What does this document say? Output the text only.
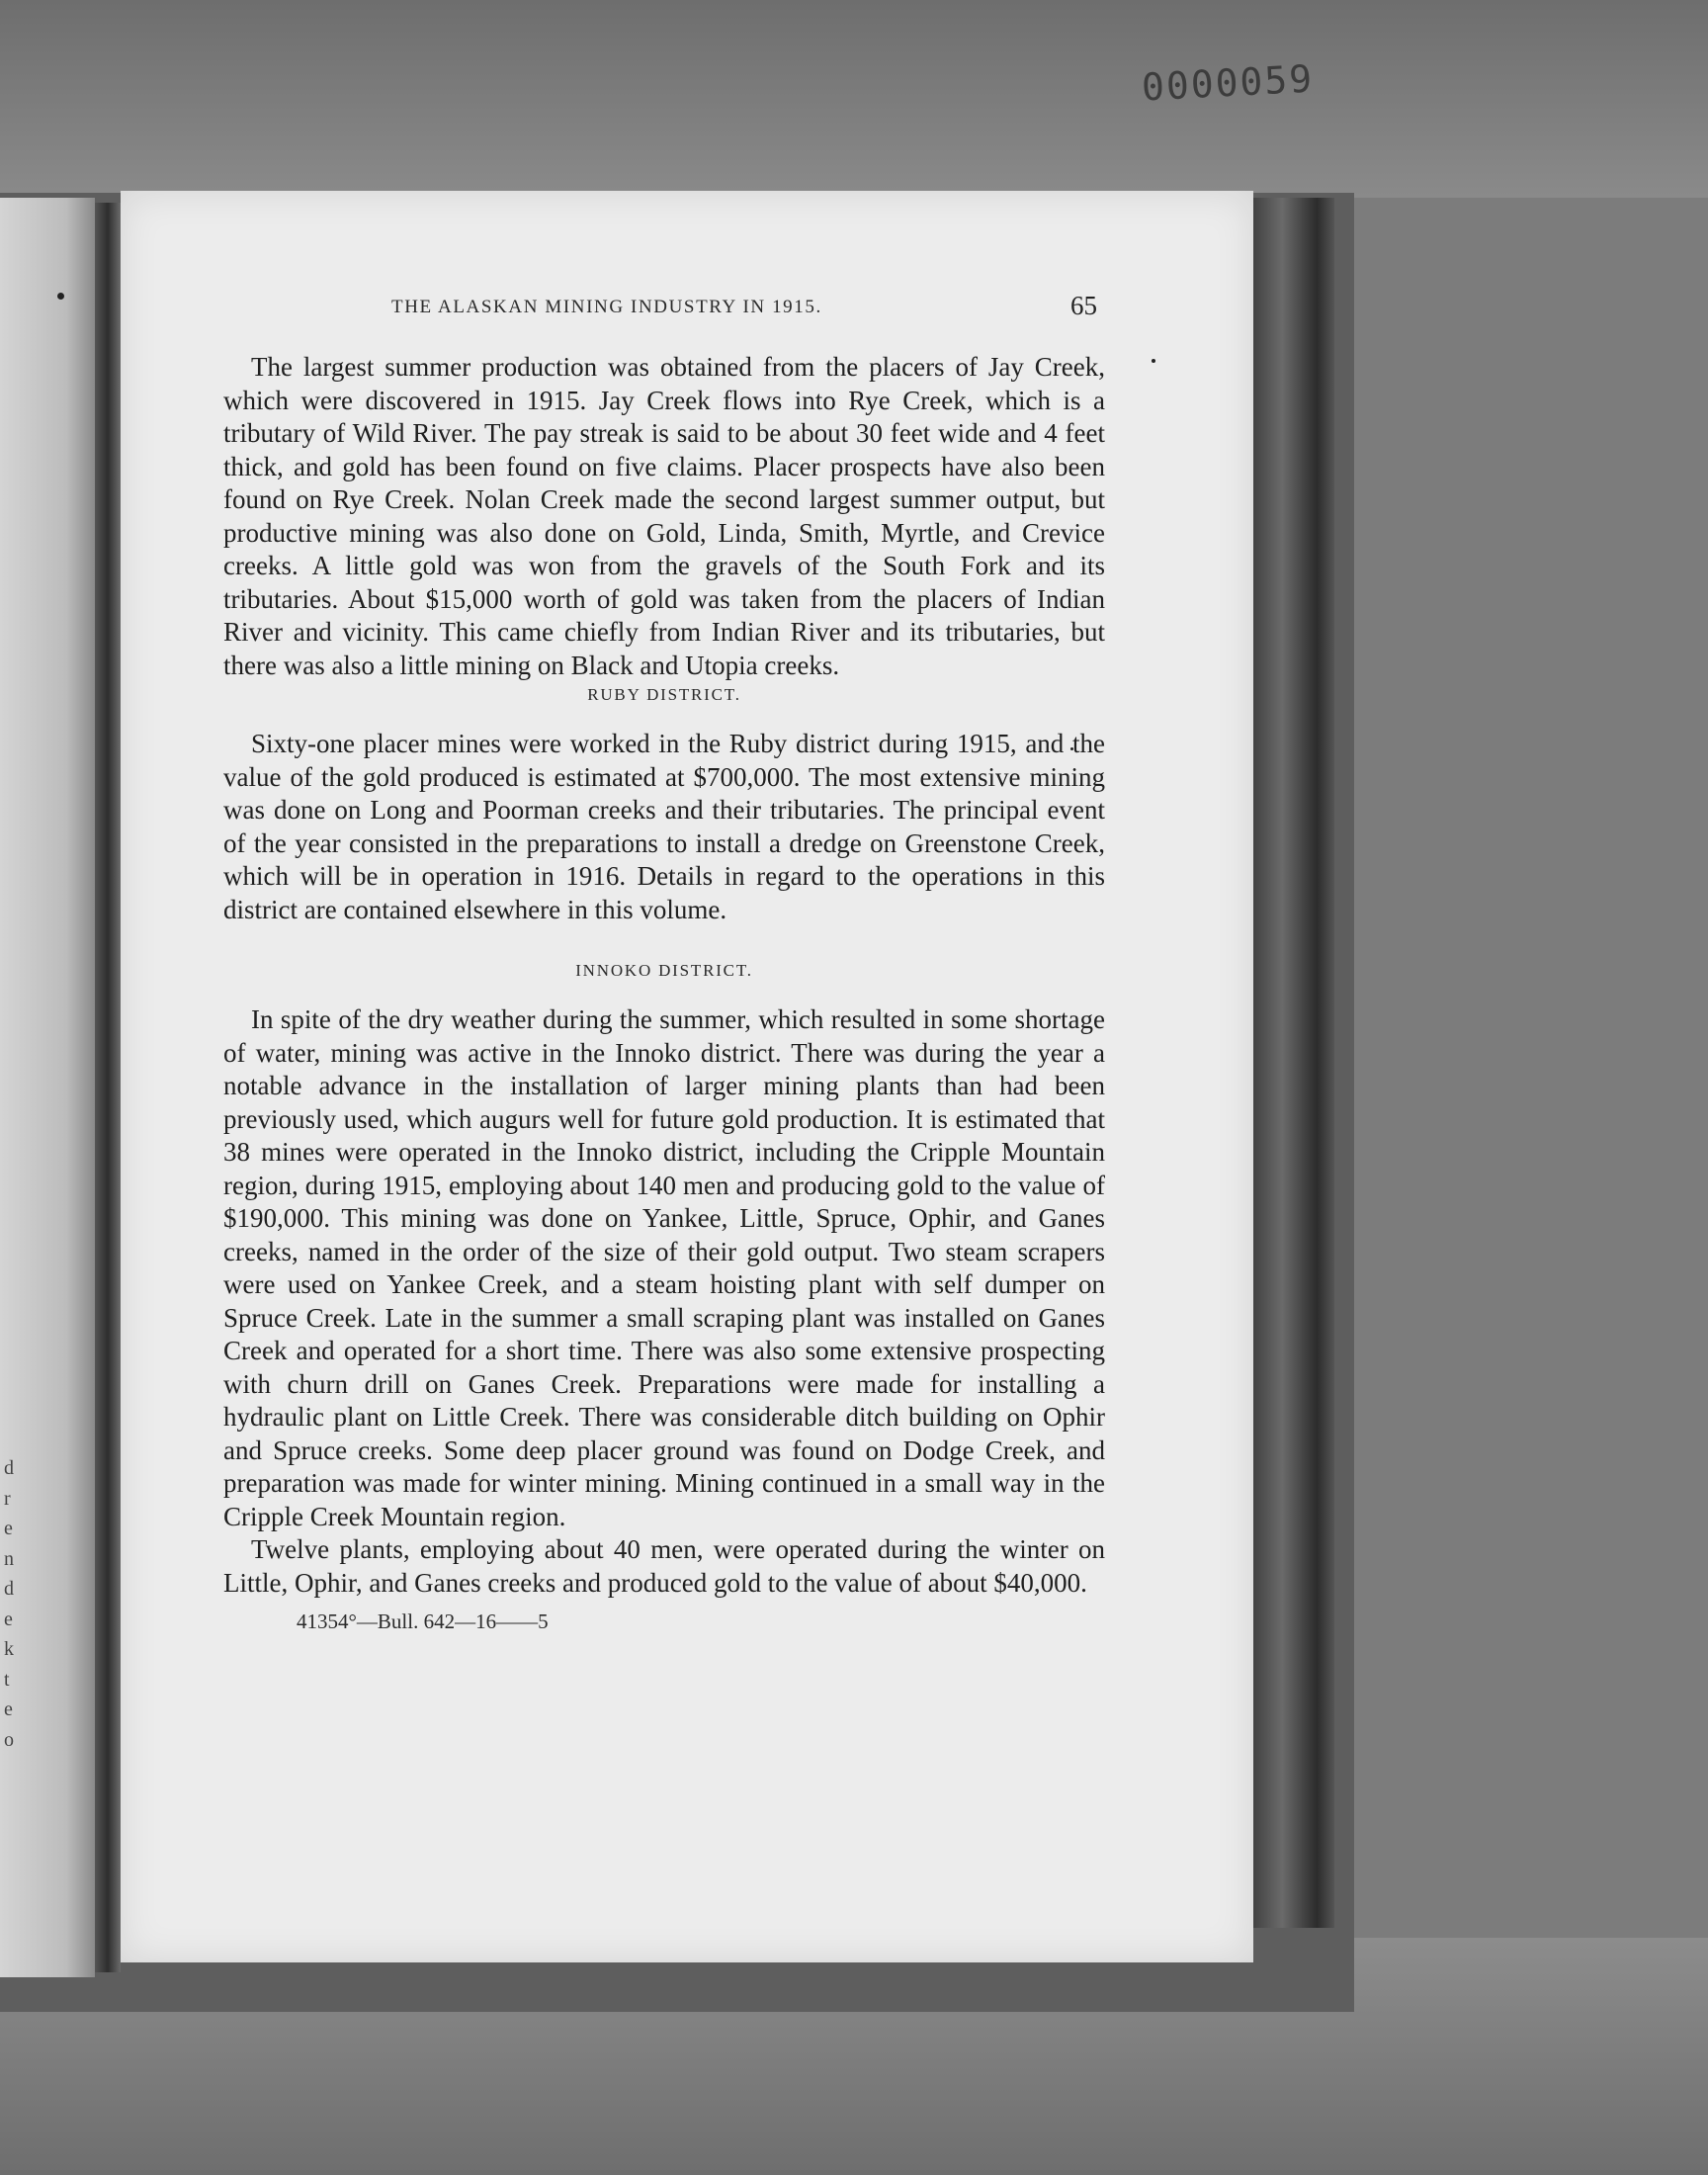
d
r
e
n
d
e
k
t
e
o
0000059
THE ALASKAN MINING INDUSTRY IN 1915.	65

The largest summer production was obtained from the placers of Jay Creek, which were discovered in 1915. Jay Creek flows into Rye Creek, which is a tributary of Wild River. The pay streak is said to be about 30 feet wide and 4 feet thick, and gold has been found on five claims. Placer prospects have also been found on Rye Creek. Nolan Creek made the second largest summer output, but productive mining was also done on Gold, Linda, Smith, Myrtle, and Crevice creeks. A little gold was won from the gravels of the South Fork and its tributaries. About $15,000 worth of gold was taken from the placers of Indian River and vicinity. This came chiefly from Indian River and its tributaries, but there was also a little mining on Black and Utopia creeks.

RUBY DISTRICT.

Sixty-one placer mines were worked in the Ruby district during 1915, and the value of the gold produced is estimated at $700,000. The most extensive mining was done on Long and Poorman creeks and their tributaries. The principal event of the year consisted in the preparations to install a dredge on Greenstone Creek, which will be in operation in 1916. Details in regard to the operations in this district are contained elsewhere in this volume.

INNOKO DISTRICT.

In spite of the dry weather during the summer, which resulted in some shortage of water, mining was active in the Innoko district. There was during the year a notable advance in the installation of larger mining plants than had been previously used, which augurs well for future gold production. It is estimated that 38 mines were operated in the Innoko district, including the Cripple Mountain region, during 1915, employing about 140 men and producing gold to the value of $190,000. This mining was done on Yankee, Little, Spruce, Ophir, and Ganes creeks, named in the order of the size of their gold output. Two steam scrapers were used on Yankee Creek, and a steam hoisting plant with self dumper on Spruce Creek. Late in the summer a small scraping plant was installed on Ganes Creek and operated for a short time. There was also some extensive prospecting with churn drill on Ganes Creek. Preparations were made for installing a hydraulic plant on Little Creek. There was considerable ditch building on Ophir and Spruce creeks. Some deep placer ground was found on Dodge Creek, and preparation was made for winter mining. Mining continued in a small way in the Cripple Creek Mountain region.

Twelve plants, employing about 40 men, were operated during the winter on Little, Ophir, and Ganes creeks and produced gold to the value of about $40,000.

41354°—Bull. 642—16——5
